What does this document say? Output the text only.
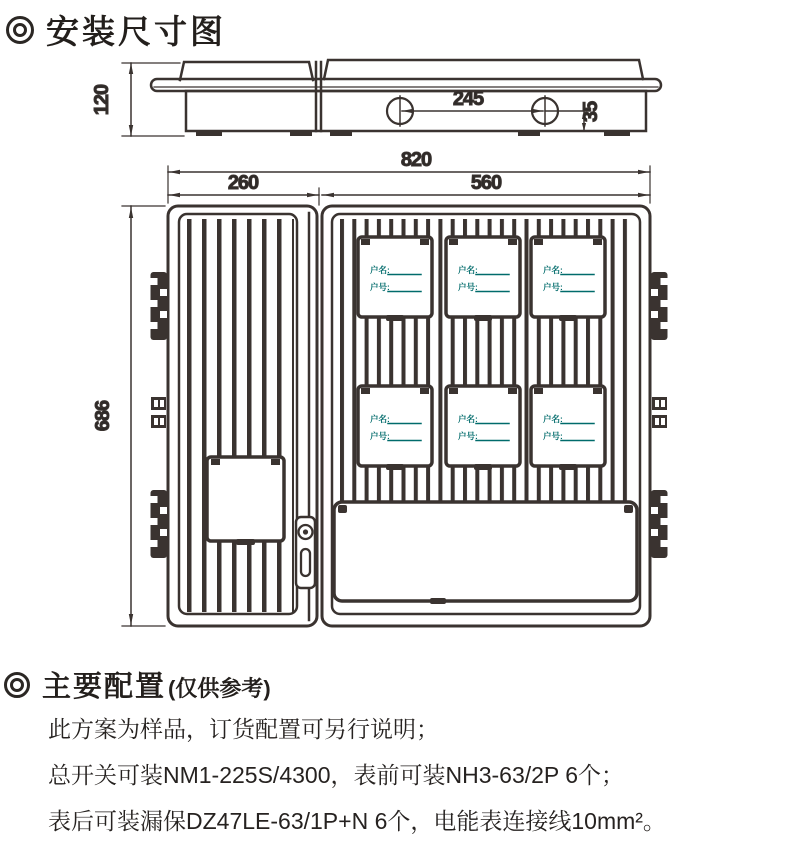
安装尺寸图
120	245
35
820
260	560
686
户名:
户号:
户名:
户号:
户名:
户号:
户名:
户号:
户名:
户号:
户名:
户号:
主要配置 (仅供参考)
此方案为样品，订货配置可另行说明；
总开关可装NM1-225S/4300，表前可装NH3-63/2P 6个；
表后可装漏保DZ47LE-63/1P+N 6个，电能表连接线10mm²。
